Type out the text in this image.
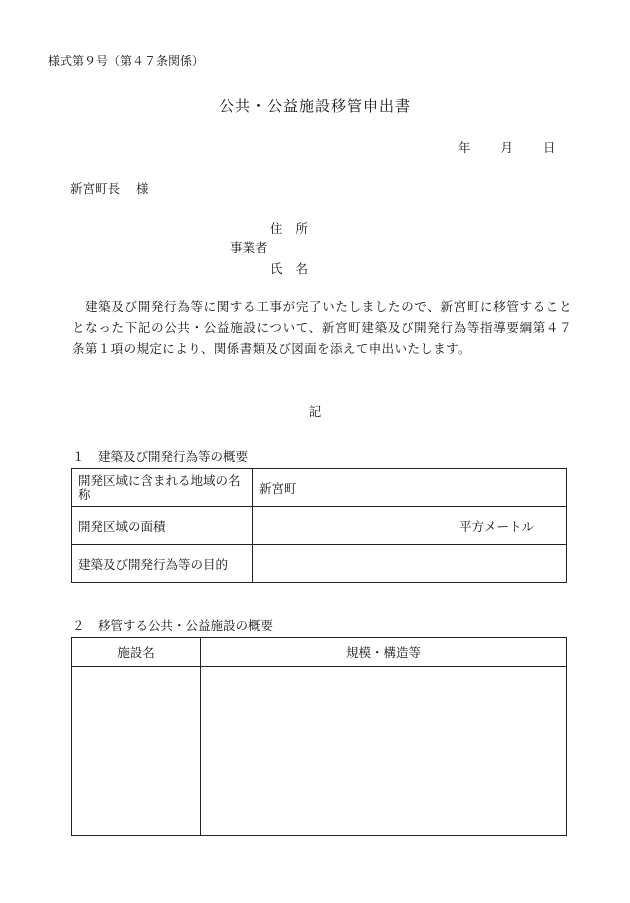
様式第９号（第４７条関係）
公共・公益施設移管申出書
年 月 日
新宮町長 様
住所
事業者
氏名
建築及び開発行為等に関する工事が完了いたしましたので、新宮町に移管することとなった下記の公共・公益施設について、新宮町建築及び開発行為等指導要綱第４７条第１項の規定により、関係書類及び図面を添えて申出いたします。
記
１ 建築及び開発行為等の概要
開発区域に含まれる地域の名称	新宮町
開発区域の面積	平方メートル
建築及び開発行為等の目的	
２ 移管する公共・公益施設の概要
施設名	規模・構造等
